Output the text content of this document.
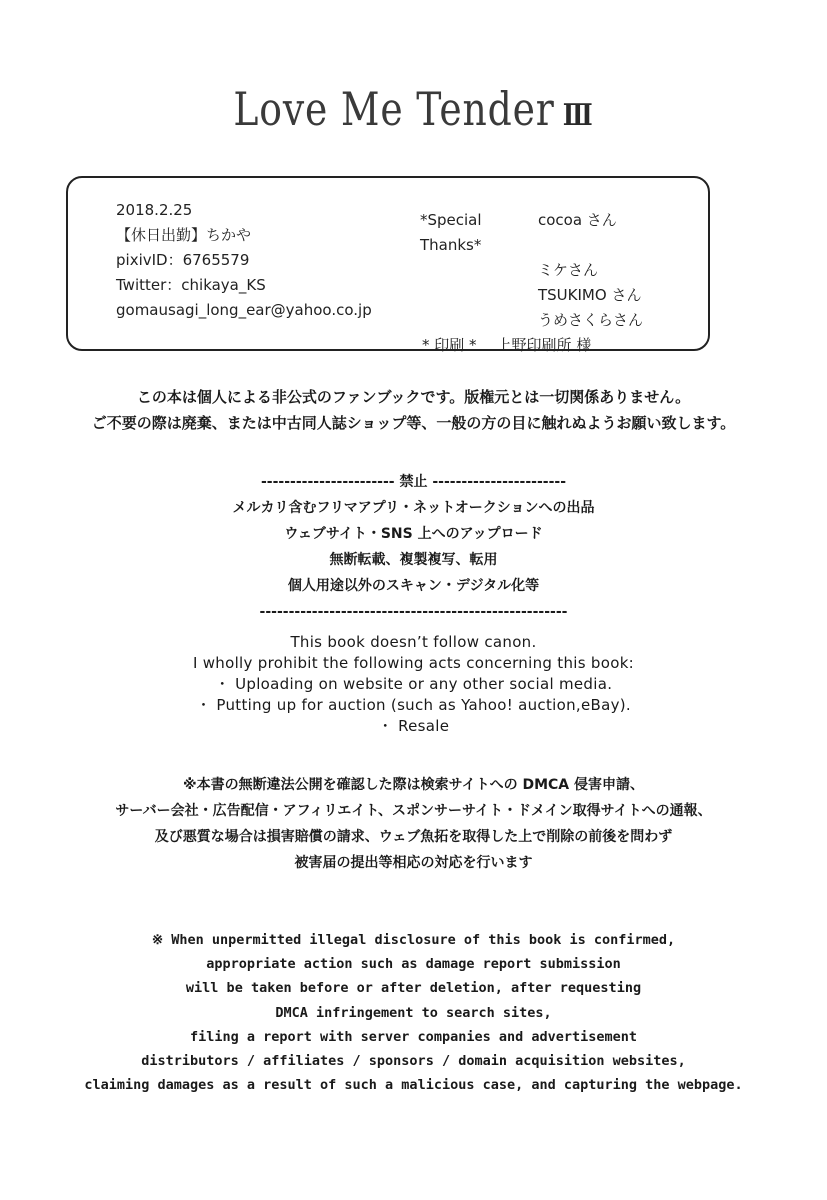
Love Me Tender Ⅲ
2018.2.25
【休日出勤】ちかや
pixivID：6765579
Twitter：chikaya_KS
gomausagi_long_ear@yahoo.co.jp
*Special Thanks*
cocoa さん
ミケさん
TSUKIMO さん
うめさくらさん
* 印刷 * 上野印刷所 様
この本は個人による非公式のファンブックです。版権元とは一切関係ありません。
ご不要の際は廃棄、または中古同人誌ショップ等、一般の方の目に触れぬようお願い致します。
----------------------- 禁止 -----------------------
メルカリ含むフリマアプリ・ネットオークションへの出品
ウェブサイト・SNS 上へのアップロード
無断転載、複製複写、転用
個人用途以外のスキャン・デジタル化等
-----------------------------------------------------
This book doesn’t follow canon.
I wholly prohibit the following acts concerning this book:
・ Uploading on website or any other social media.
・ Putting up for auction (such as Yahoo! auction,eBay).
・ Resale
※本書の無断違法公開を確認した際は検索サイトへの DMCA 侵害申請、
サーバー会社・広告配信・アフィリエイト、スポンサーサイト・ドメイン取得サイトへの通報、
及び悪質な場合は損害賠償の請求、ウェブ魚拓を取得した上で削除の前後を問わず
被害届の提出等相応の対応を行います
※ When unpermitted illegal disclosure of this book is confirmed,
appropriate action such as damage report submission
will be taken before or after deletion, after requesting
DMCA infringement to search sites,
filing a report with server companies and advertisement
distributors / affiliates / sponsors / domain acquisition websites,
claiming damages as a result of such a malicious case, and capturing the webpage.
